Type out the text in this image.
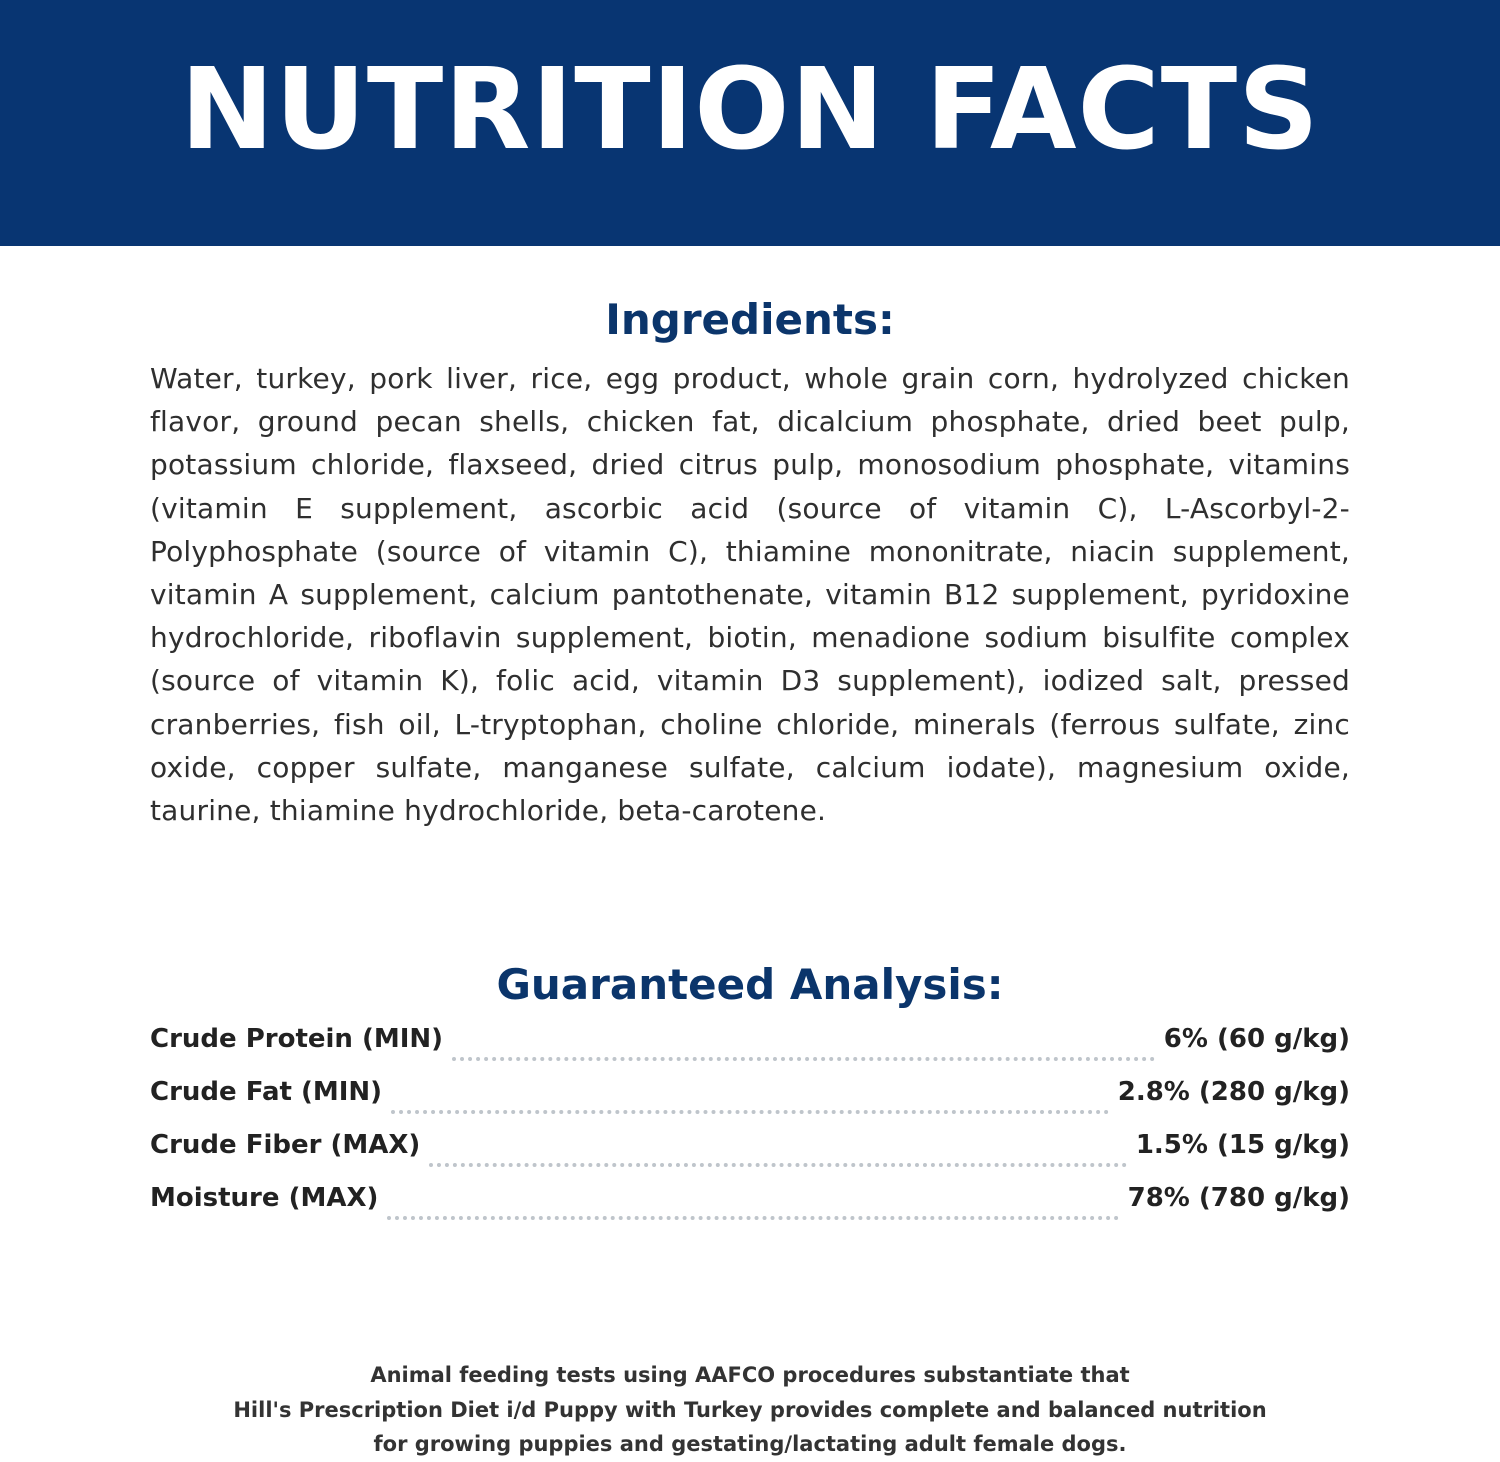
NUTRITION FACTS
Ingredients:

Water, turkey, pork liver, rice, egg product, whole grain corn, hydrolyzed chicken flavor, ground pecan shells, chicken fat, dicalcium phosphate, dried beet pulp, potassium chloride, flaxseed, dried citrus pulp, monosodium phosphate, vitamins (vitamin E supplement, ascorbic acid (source of vitamin C), L-Ascorbyl-2-Polyphosphate (source of vitamin C), thiamine mononitrate, niacin supplement, vitamin A supplement, calcium pantothenate, vitamin B12 supplement, pyridoxine hydrochloride, riboflavin supplement, biotin, menadione sodium bisulfite complex (source of vitamin K), folic acid, vitamin D3 supplement), iodized salt, pressed cranberries, fish oil, L-tryptophan, choline chloride, minerals (ferrous sulfate, zinc oxide, copper sulfate, manganese sulfate, calcium iodate), magnesium oxide, taurine, thiamine hydrochloride, beta-carotene.

Guaranteed Analysis:
Crude Protein (MIN)	6% (60 g/kg)
Crude Fat (MIN)	2.8% (280 g/kg)
Crude Fiber (MAX)	1.5% (15 g/kg)
Moisture (MAX)	78% (780 g/kg)
Animal feeding tests using AAFCO procedures substantiate that
Hill's Prescription Diet i/d Puppy with Turkey provides complete and balanced nutrition
for growing puppies and gestating/lactating adult female dogs.
